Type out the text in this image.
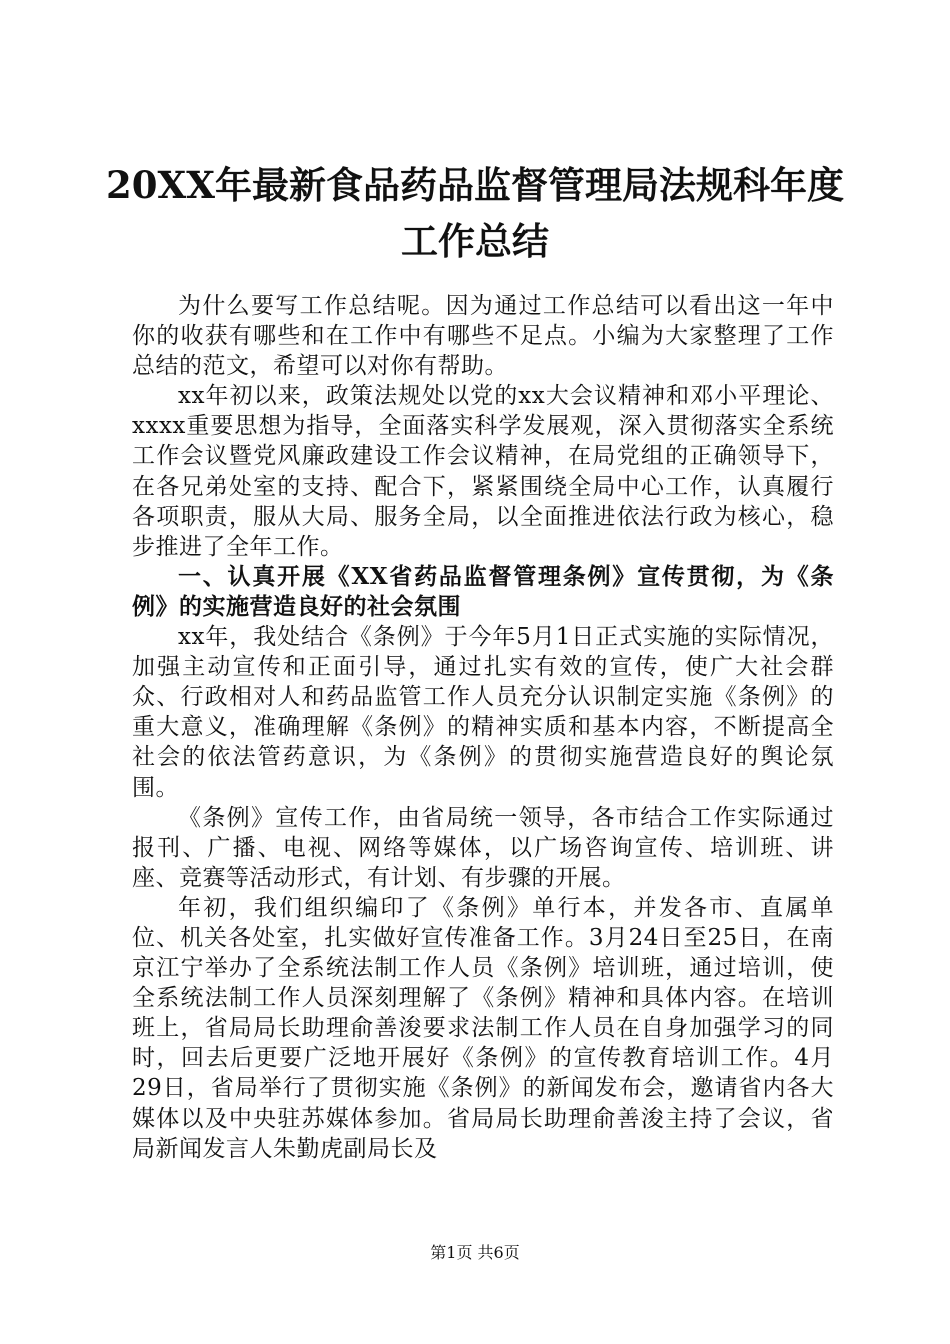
20XX年最新食品药品监督管理局法规科年度
工作总结

为什么要写工作总结呢。因为通过工作总结可以看出这一年中你的收获有哪些和在工作中有哪些不足点。小编为大家整理了工作总结的范文，希望可以对你有帮助。

xx年初以来，政策法规处以党的xx大会议精神和邓小平理论、xxxx重要思想为指导，全面落实科学发展观，深入贯彻落实全系统工作会议暨党风廉政建设工作会议精神，在局党组的正确领导下，在各兄弟处室的支持、配合下，紧紧围绕全局中心工作，认真履行各项职责，服从大局、服务全局，以全面推进依法行政为核心，稳步推进了全年工作。

一、认真开展《XX省药品监督管理条例》宣传贯彻，为《条例》的实施营造良好的社会氛围

xx年，我处结合《条例》于今年5月1日正式实施的实际情况，加强主动宣传和正面引导，通过扎实有效的宣传，使广大社会群众、行政相对人和药品监管工作人员充分认识制定实施《条例》的重大意义，准确理解《条例》的精神实质和基本内容，不断提高全社会的依法管药意识，为《条例》的贯彻实施营造良好的舆论氛围。

《条例》宣传工作，由省局统一领导，各市结合工作实际通过报刊、广播、电视、网络等媒体，以广场咨询宣传、培训班、讲座、竞赛等活动形式，有计划、有步骤的开展。

年初，我们组织编印了《条例》单行本，并发各市、直属单位、机关各处室，扎实做好宣传准备工作。3月24日至25日，在南京江宁举办了全系统法制工作人员《条例》培训班，通过培训，使全系统法制工作人员深刻理解了《条例》精神和具体内容。在培训班上，省局局长助理俞善浚要求法制工作人员在自身加强学习的同时，回去后更要广泛地开展好《条例》的宣传教育培训工作。4月29日，省局举行了贯彻实施《条例》的新闻发布会，邀请省内各大媒体以及中央驻苏媒体参加。省局局长助理俞善浚主持了会议，省局新闻发言人朱勤虎副局长及

第1页 共6页
